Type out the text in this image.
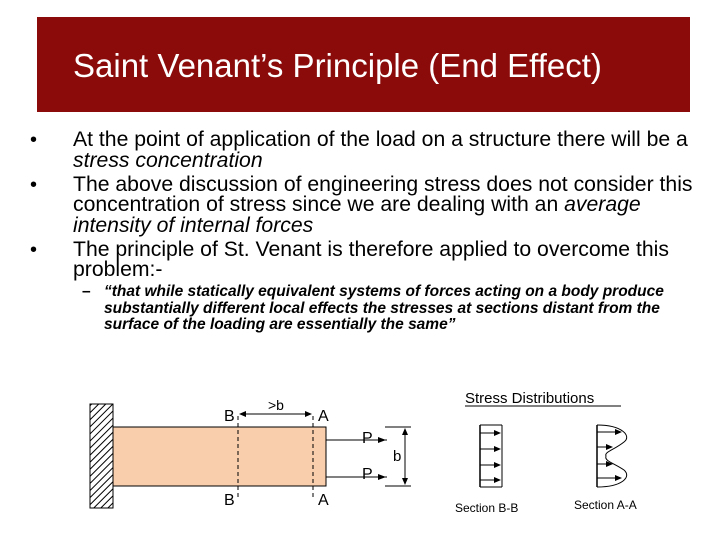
Saint Venant’s Principle (End Effect)
• At the point of application of the load on a structure there will be a stress concentration
• The above discussion of engineering stress does not consider this concentration of stress since we are dealing with an average intensity of internal forces
• The principle of St. Venant is therefore applied to overcome this problem:-
– “that while statically equivalent systems of forces acting on a body produce substantially different local effects the stresses at sections distant from the surface of the loading are essentially the same”
B
B
A
A
>b
P
P
b
Stress Distributions
Section B-B	Section A-A
